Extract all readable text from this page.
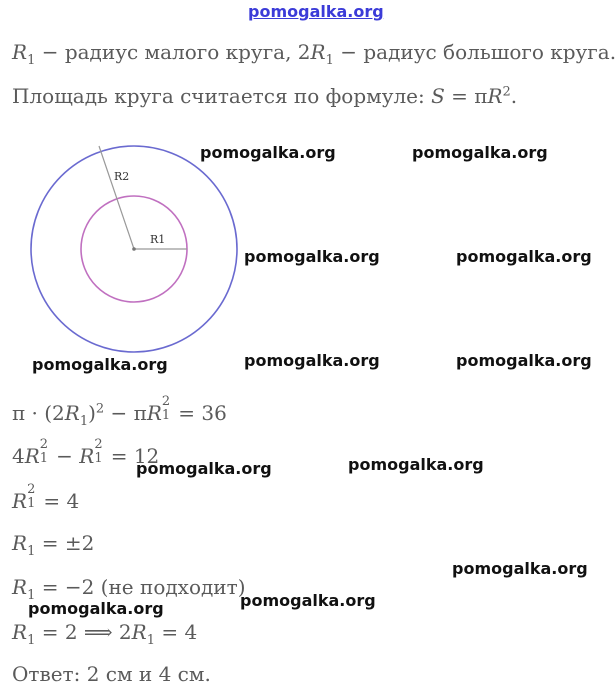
pomogalka.org
$R_1$ − радиус малого круга, $2R_1$ − радиус большого круга.
Площадь круга считается по формуле: $S = \pi R^2$.
R2
R1
$\pi \cdot (2R_1)^2 - \pi R$ 2
1 = 36
4R 2
1 − R 2
1 = 12
R 2
1 = 4
$R_1 = \pm 2$
$R_1 = -2$ (не подходит)
$R_1 = 2$ ⟹ $2R_1 = 4$
Ответ: 2 см и 4 см.
pomogalka.org	pomogalka.org
pomogalka.org	pomogalka.org
pomogalka.org	pomogalka.org	pomogalka.org
pomogalka.org	pomogalka.org
pomogalka.org
pomogalka.org	pomogalka.org
